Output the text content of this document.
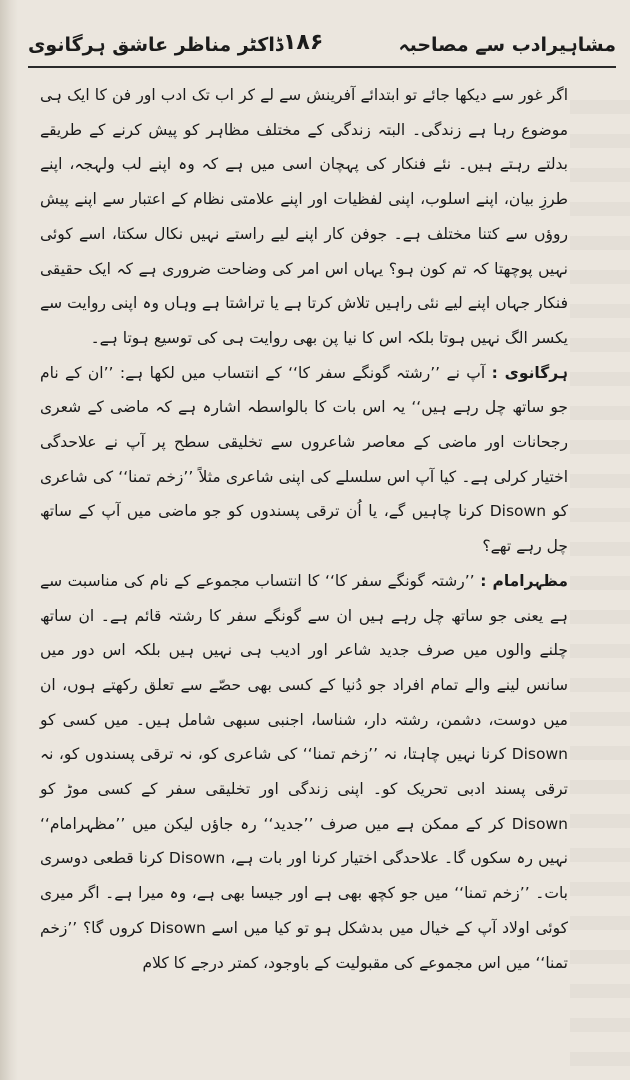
مشاہیرادب سے مصاحبہ
۱۸۶
ڈاکٹر مناظر عاشق ہرگانوی

اگر غور سے دیکھا جائے تو ابتدائے آفرینش سے لے کر اب تک ادب اور فن کا ایک ہی موضوع رہا ہے زندگی۔ البتہ زندگی کے مختلف مظاہر کو پیش کرنے کے طریقے بدلتے رہتے ہیں۔ نئے فنکار کی پہچان اسی میں ہے کہ وہ اپنے لب ولہجہ، اپنے طرزِ بیان، اپنے اسلوب، اپنی لفظیات اور اپنے علامتی نظام کے اعتبار سے اپنے پیش روؤں سے کتنا مختلف ہے۔ جوفن کار اپنے لیے راستے نہیں نکال سکتا، اسے کوئی نہیں پوچھتا کہ تم کون ہو؟ یہاں اس امر کی وضاحت ضروری ہے کہ ایک حقیقی فنکار جہاں اپنے لیے نئی راہیں تلاش کرتا ہے یا تراشتا ہے وہاں وہ اپنی روایت سے یکسر الگ نہیں ہوتا بلکہ اس کا نیا پن بھی روایت ہی کی توسیع ہوتا ہے۔

ہرگانوی : آپ نے ’’رشتہ گونگے سفر کا‘‘ کے انتساب میں لکھا ہے: ’’ان کے نام جو ساتھ چل رہے ہیں‘‘ یہ اس بات کا بالواسطہ اشارہ ہے کہ ماضی کے شعری رجحانات اور ماضی کے معاصر شاعروں سے تخلیقی سطح پر آپ نے علاحدگی اختیار کرلی ہے۔ کیا آپ اس سلسلے کی اپنی شاعری مثلاً ’’زخم تمنا‘‘ کی شاعری کو Disown کرنا چاہیں گے، یا اُن ترقی پسندوں کو جو ماضی میں آپ کے ساتھ چل رہے تھے؟

مظہرامام : ’’رشتہ گونگے سفر کا‘‘ کا انتساب مجموعے کے نام کی مناسبت سے ہے یعنی جو ساتھ چل رہے ہیں ان سے گونگے سفر کا رشتہ قائم ہے۔ ان ساتھ چلنے والوں میں صرف جدید شاعر اور ادیب ہی نہیں ہیں بلکہ اس دور میں سانس لینے والے تمام افراد جو دُنیا کے کسی بھی حصّے سے تعلق رکھتے ہوں، ان میں دوست، دشمن، رشتہ دار، شناسا، اجنبی سبھی شامل ہیں۔ میں کسی کو Disown کرنا نہیں چاہتا، نہ ’’زخم تمنا‘‘ کی شاعری کو، نہ ترقی پسندوں کو، نہ ترقی پسند ادبی تحریک کو۔ اپنی زندگی اور تخلیقی سفر کے کسی موڑ کو Disown کر کے ممکن ہے میں صرف ’’جدید‘‘ رہ جاؤں لیکن میں ’’مظہرامام‘‘ نہیں رہ سکوں گا۔ علاحدگی اختیار کرنا اور بات ہے، Disown کرنا قطعی دوسری بات۔ ’’زخم تمنا‘‘ میں جو کچھ بھی ہے اور جیسا بھی ہے، وہ میرا ہے۔ اگر میری کوئی اولاد آپ کے خیال میں بدشکل ہو تو کیا میں اسے Disown کروں گا؟ ’’زخم تمنا‘‘ میں اس مجموعے کی مقبولیت کے باوجود، کمتر درجے کا کلام
